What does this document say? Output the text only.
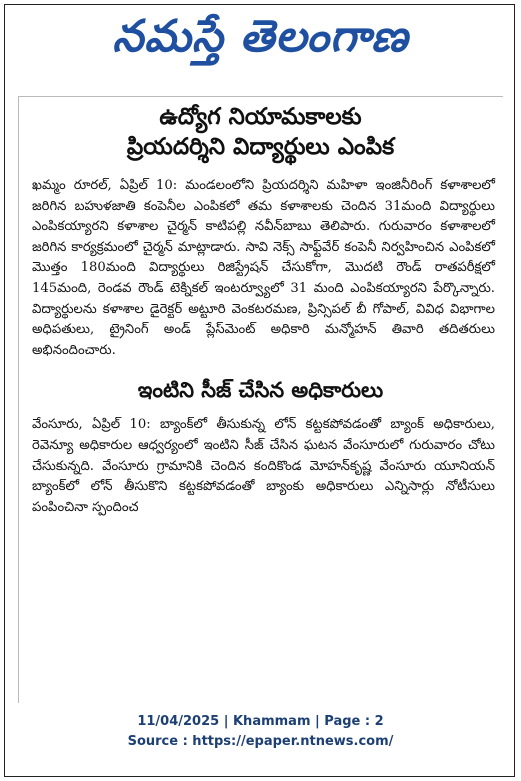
నమస్తే తెలంగాణ

ఉద్యోగ నియామకాలకు

ప్రియదర్శిని విద్యార్థులు ఎంపిక

ఖమ్మం రూరల్, ఏప్రిల్ 10: మండలంలోని ప్రియదర్శిని మహిళా ఇంజినీరింగ్ కళాశాలలో జరిగిన బహుళజాతి కంపెనీల ఎంపికలో తమ కళాశాలకు చెందిన 31మంది విద్యార్థులు ఎంపికయ్యారని కళాశాల చైర్మన్ కాటిపల్లి నవీన్‌బాబు తెలిపారు. గురువారం కళాశాలలో జరిగిన కార్యక్రమంలో చైర్మన్ మాట్లాడారు. సావి నెక్స్ సాఫ్ట్‌వేర్ కంపెనీ నిర్వహించిన ఎంపికలో మొత్తం 180మంది విద్యార్థులు రిజిస్ట్రేషన్ చేసుకోగా, మొదటి రౌండ్ రాతపరీక్షలో 145మంది, రెండవ రౌండ్ టెక్నికల్ ఇంటర్వ్యూలో 31 మంది ఎంపికయ్యారని పేర్కొన్నారు. విద్యార్థులను కళాశాల డైరెక్టర్ అట్టూరి వెంకటరమణ, ప్రిన్సిపల్ బీ గోపాల్, వివిధ విభాగాల అధిపతులు, ట్రైనింగ్ అండ్ ప్లేస్‌మెంట్ అధికారి మన్మోహన్ తివారి తదితరులు అభినందించారు.

ఇంటిని సీజ్ చేసిన అధికారులు

వేంసూరు, ఏప్రిల్ 10: బ్యాంక్‌లో తీసుకున్న లోన్ కట్టకపోవడంతో బ్యాంక్ అధికారులు, రెవెన్యూ అధికారుల ఆధ్వర్యంలో ఇంటిని సీజ్ చేసిన ఘటన వేంసూరులో గురువారం చోటు చేసుకున్నది. వేంసూరు గ్రామానికి చెందిన కందికొండ మోహన్‌కృష్ణ వేంసూరు యూనియన్ బ్యాంక్‌లో లోన్ తీసుకొని కట్టకపోవడంతో బ్యాంకు అధికారులు ఎన్నిసార్లు నోటీసులు పంపించినా స్పందించ

11/04/2025 | Khammam | Page : 2
Source : https://epaper.ntnews.com/
